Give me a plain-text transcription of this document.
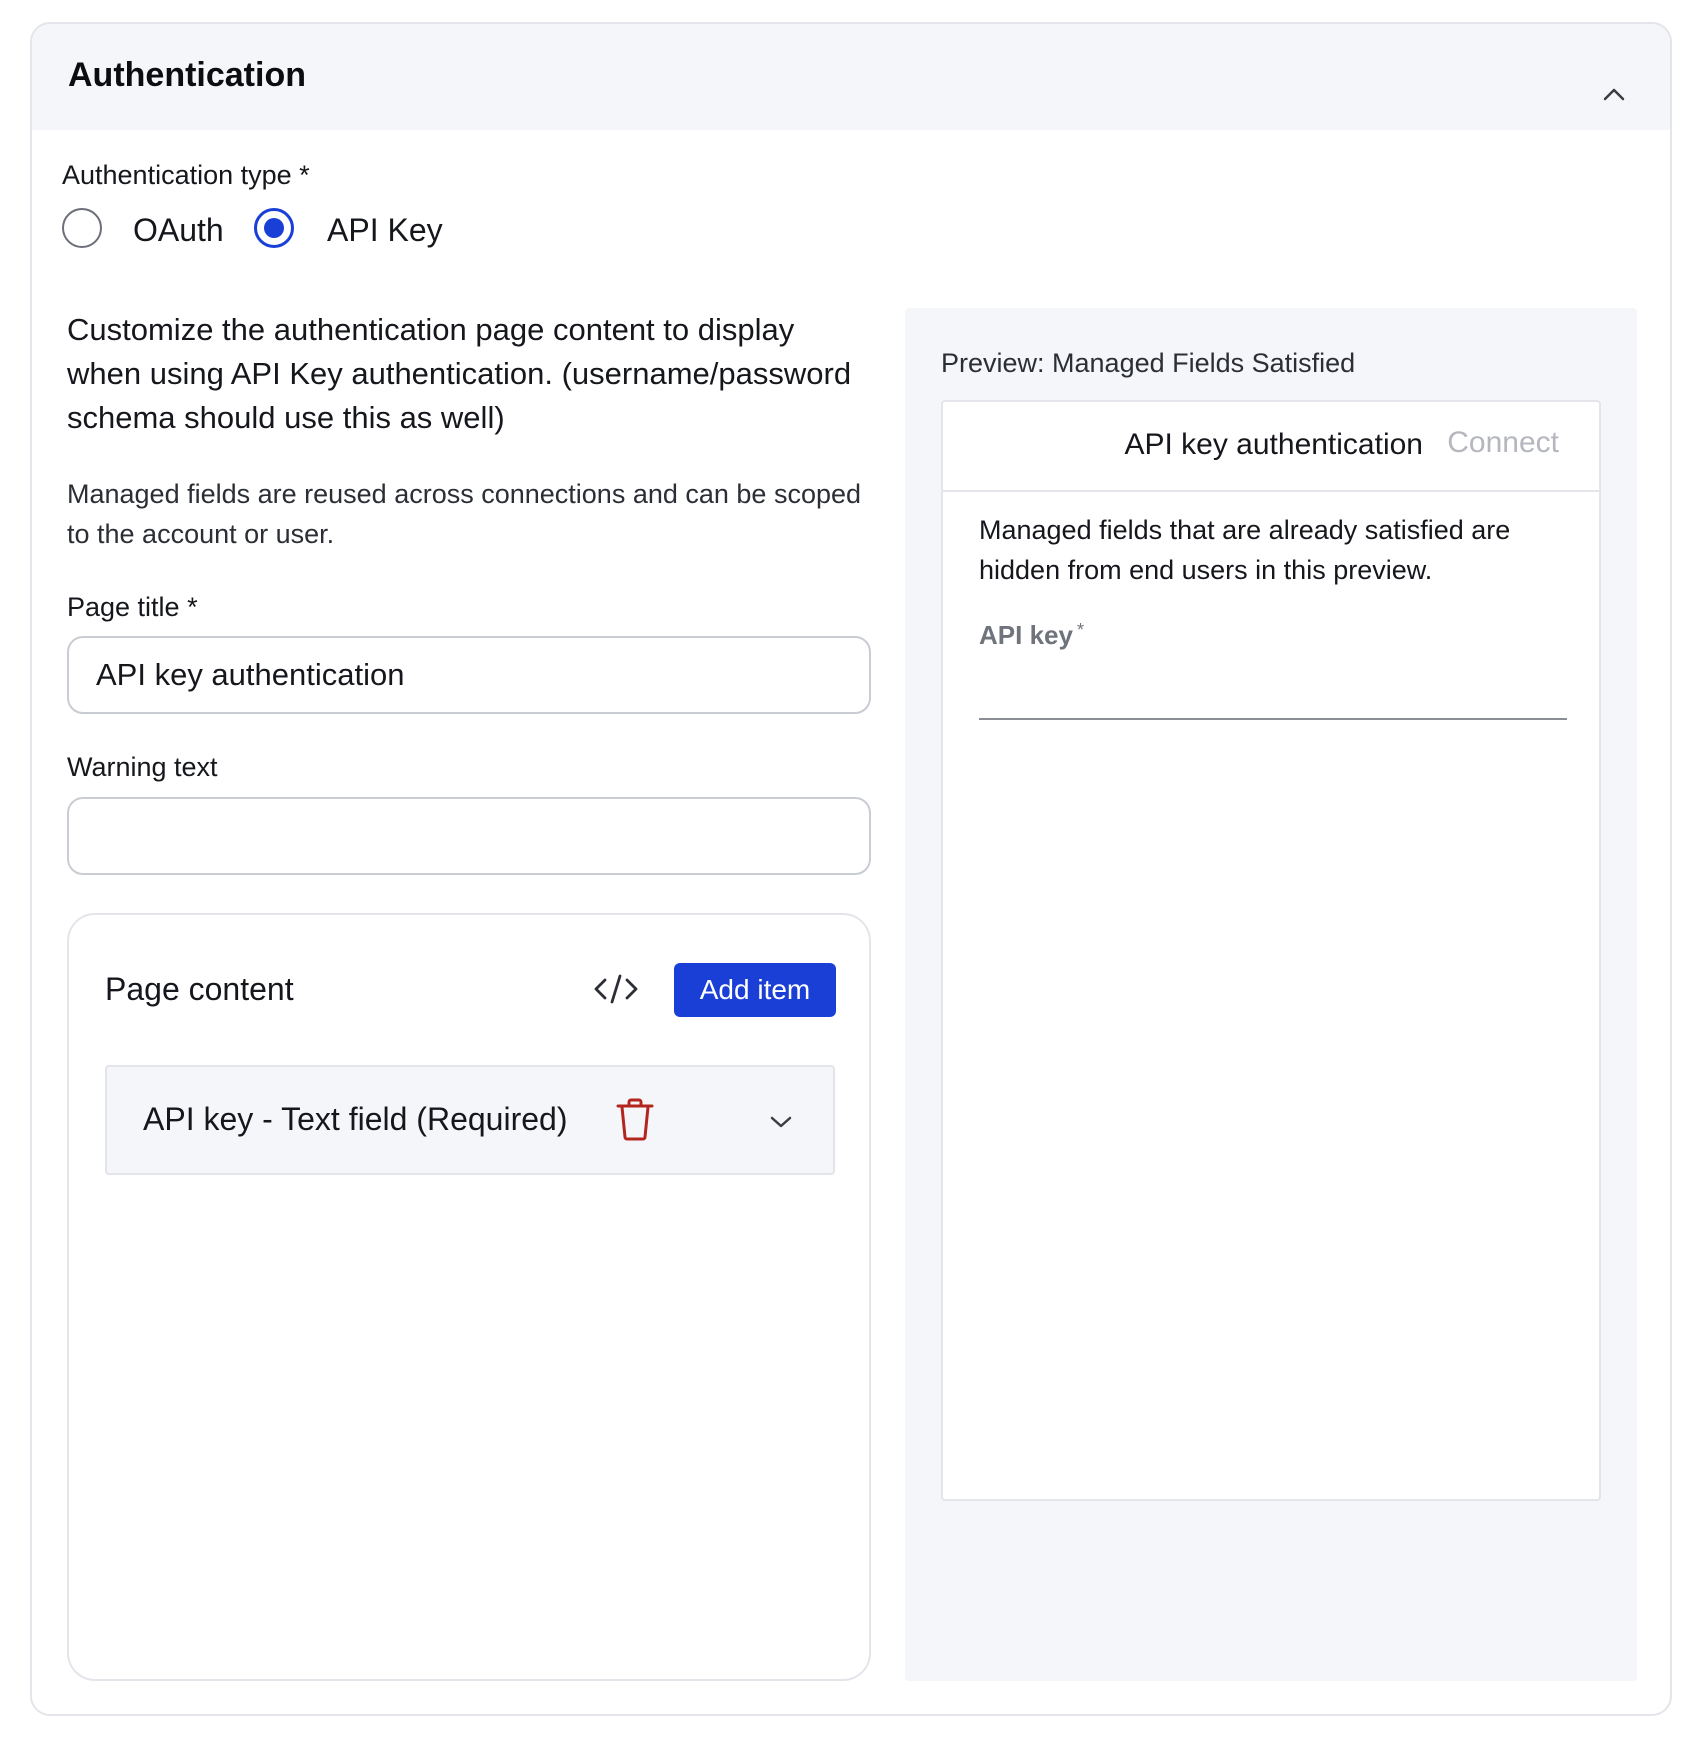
Authentication
Authentication type *
OAuth	API Key
Customize the authentication page content to display when using API Key authentication. (username/password schema should use this as well)
Managed fields are reused across connections and can be scoped to the account or user.
Page title *
API key authentication
Warning text
Page content	Add item
API key - Text field (Required)
Preview: Managed Fields Satisfied
API key authentication Connect
Managed fields that are already satisfied are hidden from end users in this preview.
API key *
